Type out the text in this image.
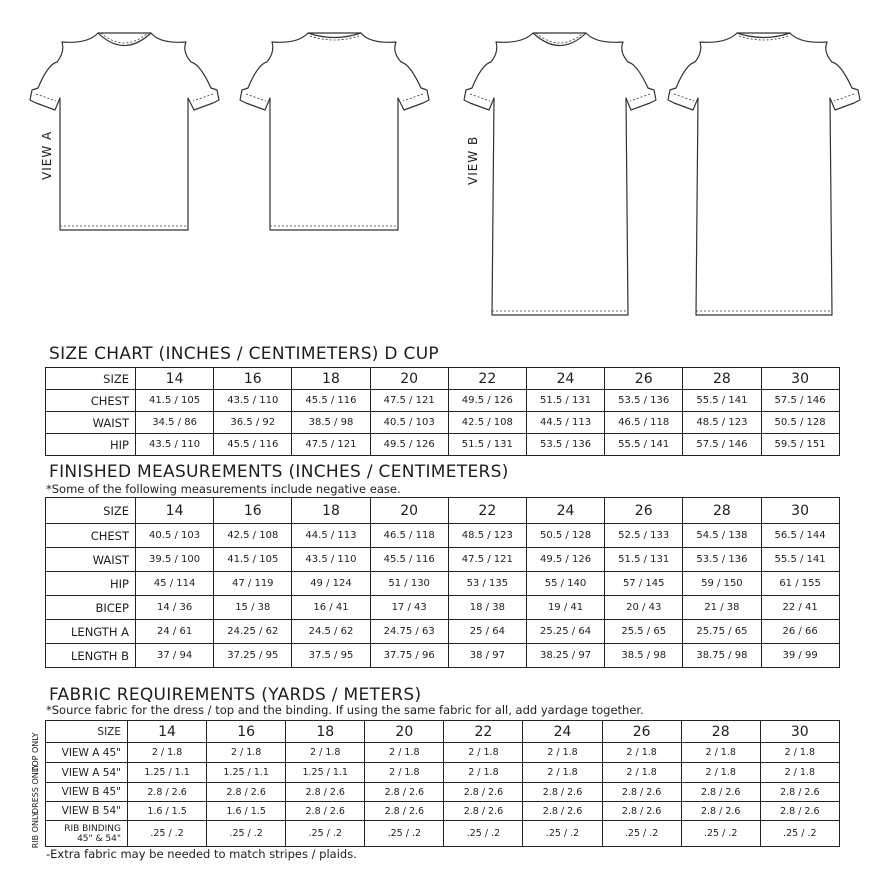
VIEW A	VIEW B
SIZE CHART (INCHES / CENTIMETERS) D CUP
SIZE	14	16	18	20	22	24	26	28	30
CHEST	41.5 / 105	43.5 / 110	45.5 / 116	47.5 / 121	49.5 / 126	51.5 / 131	53.5 / 136	55.5 / 141	57.5 / 146
WAIST	34.5 / 86	36.5 / 92	38.5 / 98	40.5 / 103	42.5 / 108	44.5 / 113	46.5 / 118	48.5 / 123	50.5 / 128
HIP	43.5 / 110	45.5 / 116	47.5 / 121	49.5 / 126	51.5 / 131	53.5 / 136	55.5 / 141	57.5 / 146	59.5 / 151
FINISHED MEASUREMENTS (INCHES / CENTIMETERS)
*Some of the following measurements include negative ease.
SIZE	14	16	18	20	22	24	26	28	30
CHEST	40.5 / 103	42.5 / 108	44.5 / 113	46.5 / 118	48.5 / 123	50.5 / 128	52.5 / 133	54.5 / 138	56.5 / 144
WAIST	39.5 / 100	41.5 / 105	43.5 / 110	45.5 / 116	47.5 / 121	49.5 / 126	51.5 / 131	53.5 / 136	55.5 / 141
HIP	45 / 114	47 / 119	49 / 124	51 / 130	53 / 135	55 / 140	57 / 145	59 / 150	61 / 155
BICEP	14 / 36	15 / 38	16 / 41	17 / 43	18 / 38	19 / 41	20 / 43	21 / 38	22 / 41
LENGTH A	24 / 61	24.25 / 62	24.5 / 62	24.75 / 63	25 / 64	25.25 / 64	25.5 / 65	25.75 / 65	26 / 66
LENGTH B	37 / 94	37.25 / 95	37.5 / 95	37.75 / 96	38 / 97	38.25 / 97	38.5 / 98	38.75 / 98	39 / 99
FABRIC REQUIREMENTS (YARDS / METERS)
*Source fabric for the dress / top and the binding. If using the same fabric for all, add yardage together.
TOP ONLY
DRESS ONLY
RIB ONLY
SIZE	14	16	18	20	22	24	26	28	30
VIEW A 45"	2 / 1.8	2 / 1.8	2 / 1.8	2 / 1.8	2 / 1.8	2 / 1.8	2 / 1.8	2 / 1.8	2 / 1.8
VIEW A 54"	1.25 / 1.1	1.25 / 1.1	1.25 / 1.1	2 / 1.8	2 / 1.8	2 / 1.8	2 / 1.8	2 / 1.8	2 / 1.8
VIEW B 45"	2.8 / 2.6	2.8 / 2.6	2.8 / 2.6	2.8 / 2.6	2.8 / 2.6	2.8 / 2.6	2.8 / 2.6	2.8 / 2.6	2.8 / 2.6
VIEW B 54"	1.6 / 1.5	1.6 / 1.5	2.8 / 2.6	2.8 / 2.6	2.8 / 2.6	2.8 / 2.6	2.8 / 2.6	2.8 / 2.6	2.8 / 2.6

RIB BINDING
45" & 54"	.25 / .2	.25 / .2	.25 / .2	.25 / .2	.25 / .2	.25 / .2	.25 / .2	.25 / .2	.25 / .2
-Extra fabric may be needed to match stripes / plaids.
